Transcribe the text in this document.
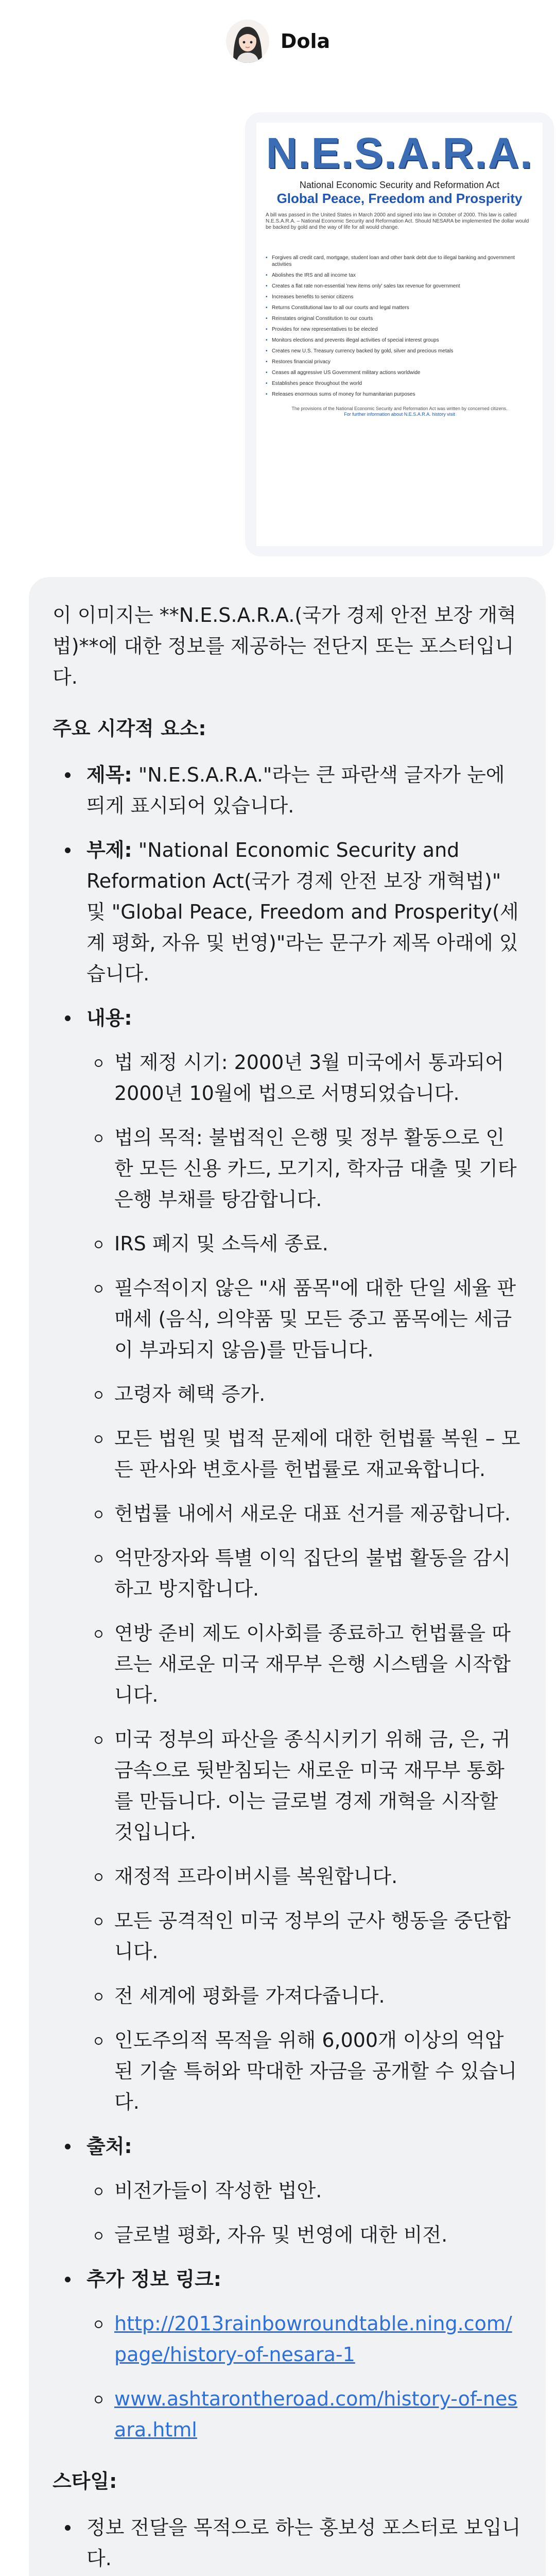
Dola
N.E.S.A.R.A.
National Economic Security and Reformation Act
Global Peace, Freedom and Prosperity
A bill was passed in the United States in March 2000 and signed into law in October of 2000. This law is called N.E.S.A.R.A. – National Economic Security and Reformation Act. Should NESARA be implemented the dollar would be backed by gold and the way of life for all would change.
• Forgives all credit card, mortgage, student loan and other bank debt due to illegal banking and government activities
• Abolishes the IRS and all income tax
• Creates a flat rate non-essential 'new items only' sales tax revenue for government
• Increases benefits to senior citizens
• Returns Constitutional law to all our courts and legal matters
• Reinstates original Constitution to our courts
• Provides for new representatives to be elected
• Monitors elections and prevents illegal activities of special interest groups
• Creates new U.S. Treasury currency backed by gold, silver and precious metals
• Restores financial privacy
• Ceases all aggressive US Government military actions worldwide
• Establishes peace throughout the world
• Releases enormous sums of money for humanitarian purposes
The provisions of the National Economic Security and Reformation Act was written by concerned citizens.
For further information about N.E.S.A.R.A. history visit

이 이미지는 **N.E.S.A.R.A.(국가 경제 안전 보장 개혁법)**에 대한 정보를 제공하는 전단지 또는 포스터입니다.

주요 시각적 요소:

제목: "N.E.S.A.R.A."라는 큰 파란색 글자가 눈에 띄게 표시되어 있습니다.
부제: "National Economic Security and Reformation Act(국가 경제 안전 보장 개혁법)" 및 "Global Peace, Freedom and Prosperity(세계 평화, 자유 및 번영)"라는 문구가 제목 아래에 있습니다.
내용:
법 제정 시기: 2000년 3월 미국에서 통과되어 2000년 10월에 법으로 서명되었습니다.
법의 목적: 불법적인 은행 및 정부 활동으로 인한 모든 신용 카드, 모기지, 학자금 대출 및 기타 은행 부채를 탕감합니다.
IRS 폐지 및 소득세 종료.
필수적이지 않은 "새 품목"에 대한 단일 세율 판매세 (음식, 의약품 및 모든 중고 품목에는 세금이 부과되지 않음)를 만듭니다.
고령자 혜택 증가.
모든 법원 및 법적 문제에 대한 헌법률 복원 – 모든 판사와 변호사를 헌법률로 재교육합니다.
헌법률 내에서 새로운 대표 선거를 제공합니다.
억만장자와 특별 이익 집단의 불법 활동을 감시하고 방지합니다.
연방 준비 제도 이사회를 종료하고 헌법률을 따르는 새로운 미국 재무부 은행 시스템을 시작합니다.
미국 정부의 파산을 종식시키기 위해 금, 은, 귀금속으로 뒷받침되는 새로운 미국 재무부 통화를 만듭니다. 이는 글로벌 경제 개혁을 시작할 것입니다.
재정적 프라이버시를 복원합니다.
모든 공격적인 미국 정부의 군사 행동을 중단합니다.
전 세계에 평화를 가져다줍니다.
인도주의적 목적을 위해 6,000개 이상의 억압된 기술 특허와 막대한 자금을 공개할 수 있습니다.
출처:
비전가들이 작성한 법안.
글로벌 평화, 자유 및 번영에 대한 비전.
추가 정보 링크:
http://2013rainbowroundtable.ning.com/page/history-of-nesara-1
www.ashtarontheroad.com/history-of-nesara.html

스타일:

정보 전달을 목적으로 하는 홍보성 포스터로 보입니다.
